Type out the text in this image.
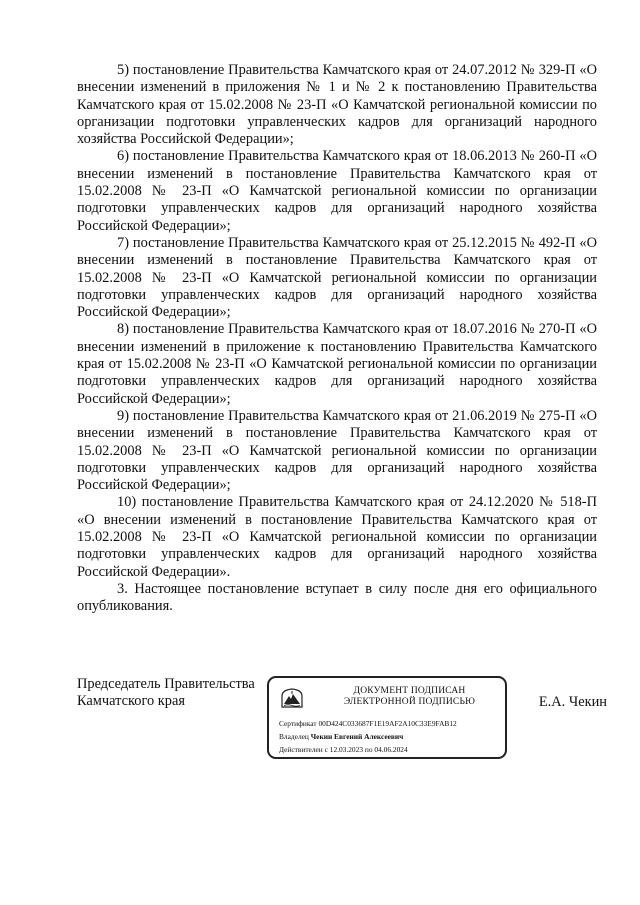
5) постановление Правительства Камчатского края от 24.07.2012 № 329-П «О внесении изменений в приложения № 1 и № 2 к постановлению Правительства Камчатского края от 15.02.2008 № 23-П «О Камчатской региональной комиссии по организации подготовки управленческих кадров для организаций народного хозяйства Российской Федерации»;

6) постановление Правительства Камчатского края от 18.06.2013 № 260-П «О внесении изменений в постановление Правительства Камчатского края от 15.02.2008 № 23-П «О Камчатской региональной комиссии по организации подготовки управленческих кадров для организаций народного хозяйства Российской Федерации»;

7) постановление Правительства Камчатского края от 25.12.2015 № 492-П «О внесении изменений в постановление Правительства Камчатского края от 15.02.2008 № 23-П «О Камчатской региональной комиссии по организации подготовки управленческих кадров для организаций народного хозяйства Российской Федерации»;

8) постановление Правительства Камчатского края от 18.07.2016 № 270-П «О внесении изменений в приложение к постановлению Правительства Камчатского края от 15.02.2008 № 23-П «О Камчатской региональной комиссии по организации подготовки управленческих кадров для организаций народного хозяйства Российской Федерации»;

9) постановление Правительства Камчатского края от 21.06.2019 № 275-П «О внесении изменений в постановление Правительства Камчатского края от 15.02.2008 № 23-П «О Камчатской региональной комиссии по организации подготовки управленческих кадров для организаций народного хозяйства Российской Федерации»;

10) постановление Правительства Камчатского края от 24.12.2020 № 518-П «О внесении изменений в постановление Правительства Камчатского края от 15.02.2008 № 23-П «О Камчатской региональной комиссии по организации подготовки управленческих кадров для организаций народного хозяйства Российской Федерации».

3. Настоящее постановление вступает в силу после дня его официального опубликования.

Председатель Правительства
Камчатского края
ДОКУМЕНТ ПОДПИСАН
ЭЛЕКТРОННОЙ ПОДПИСЬЮ
Сертификат 00D424C033687F1E19AF2A10C33E9FAB12
Владелец Чекин Евгений Алексеевич
Действителен с 12.03.2023 по 04.06.2024
Е.А. Чекин
